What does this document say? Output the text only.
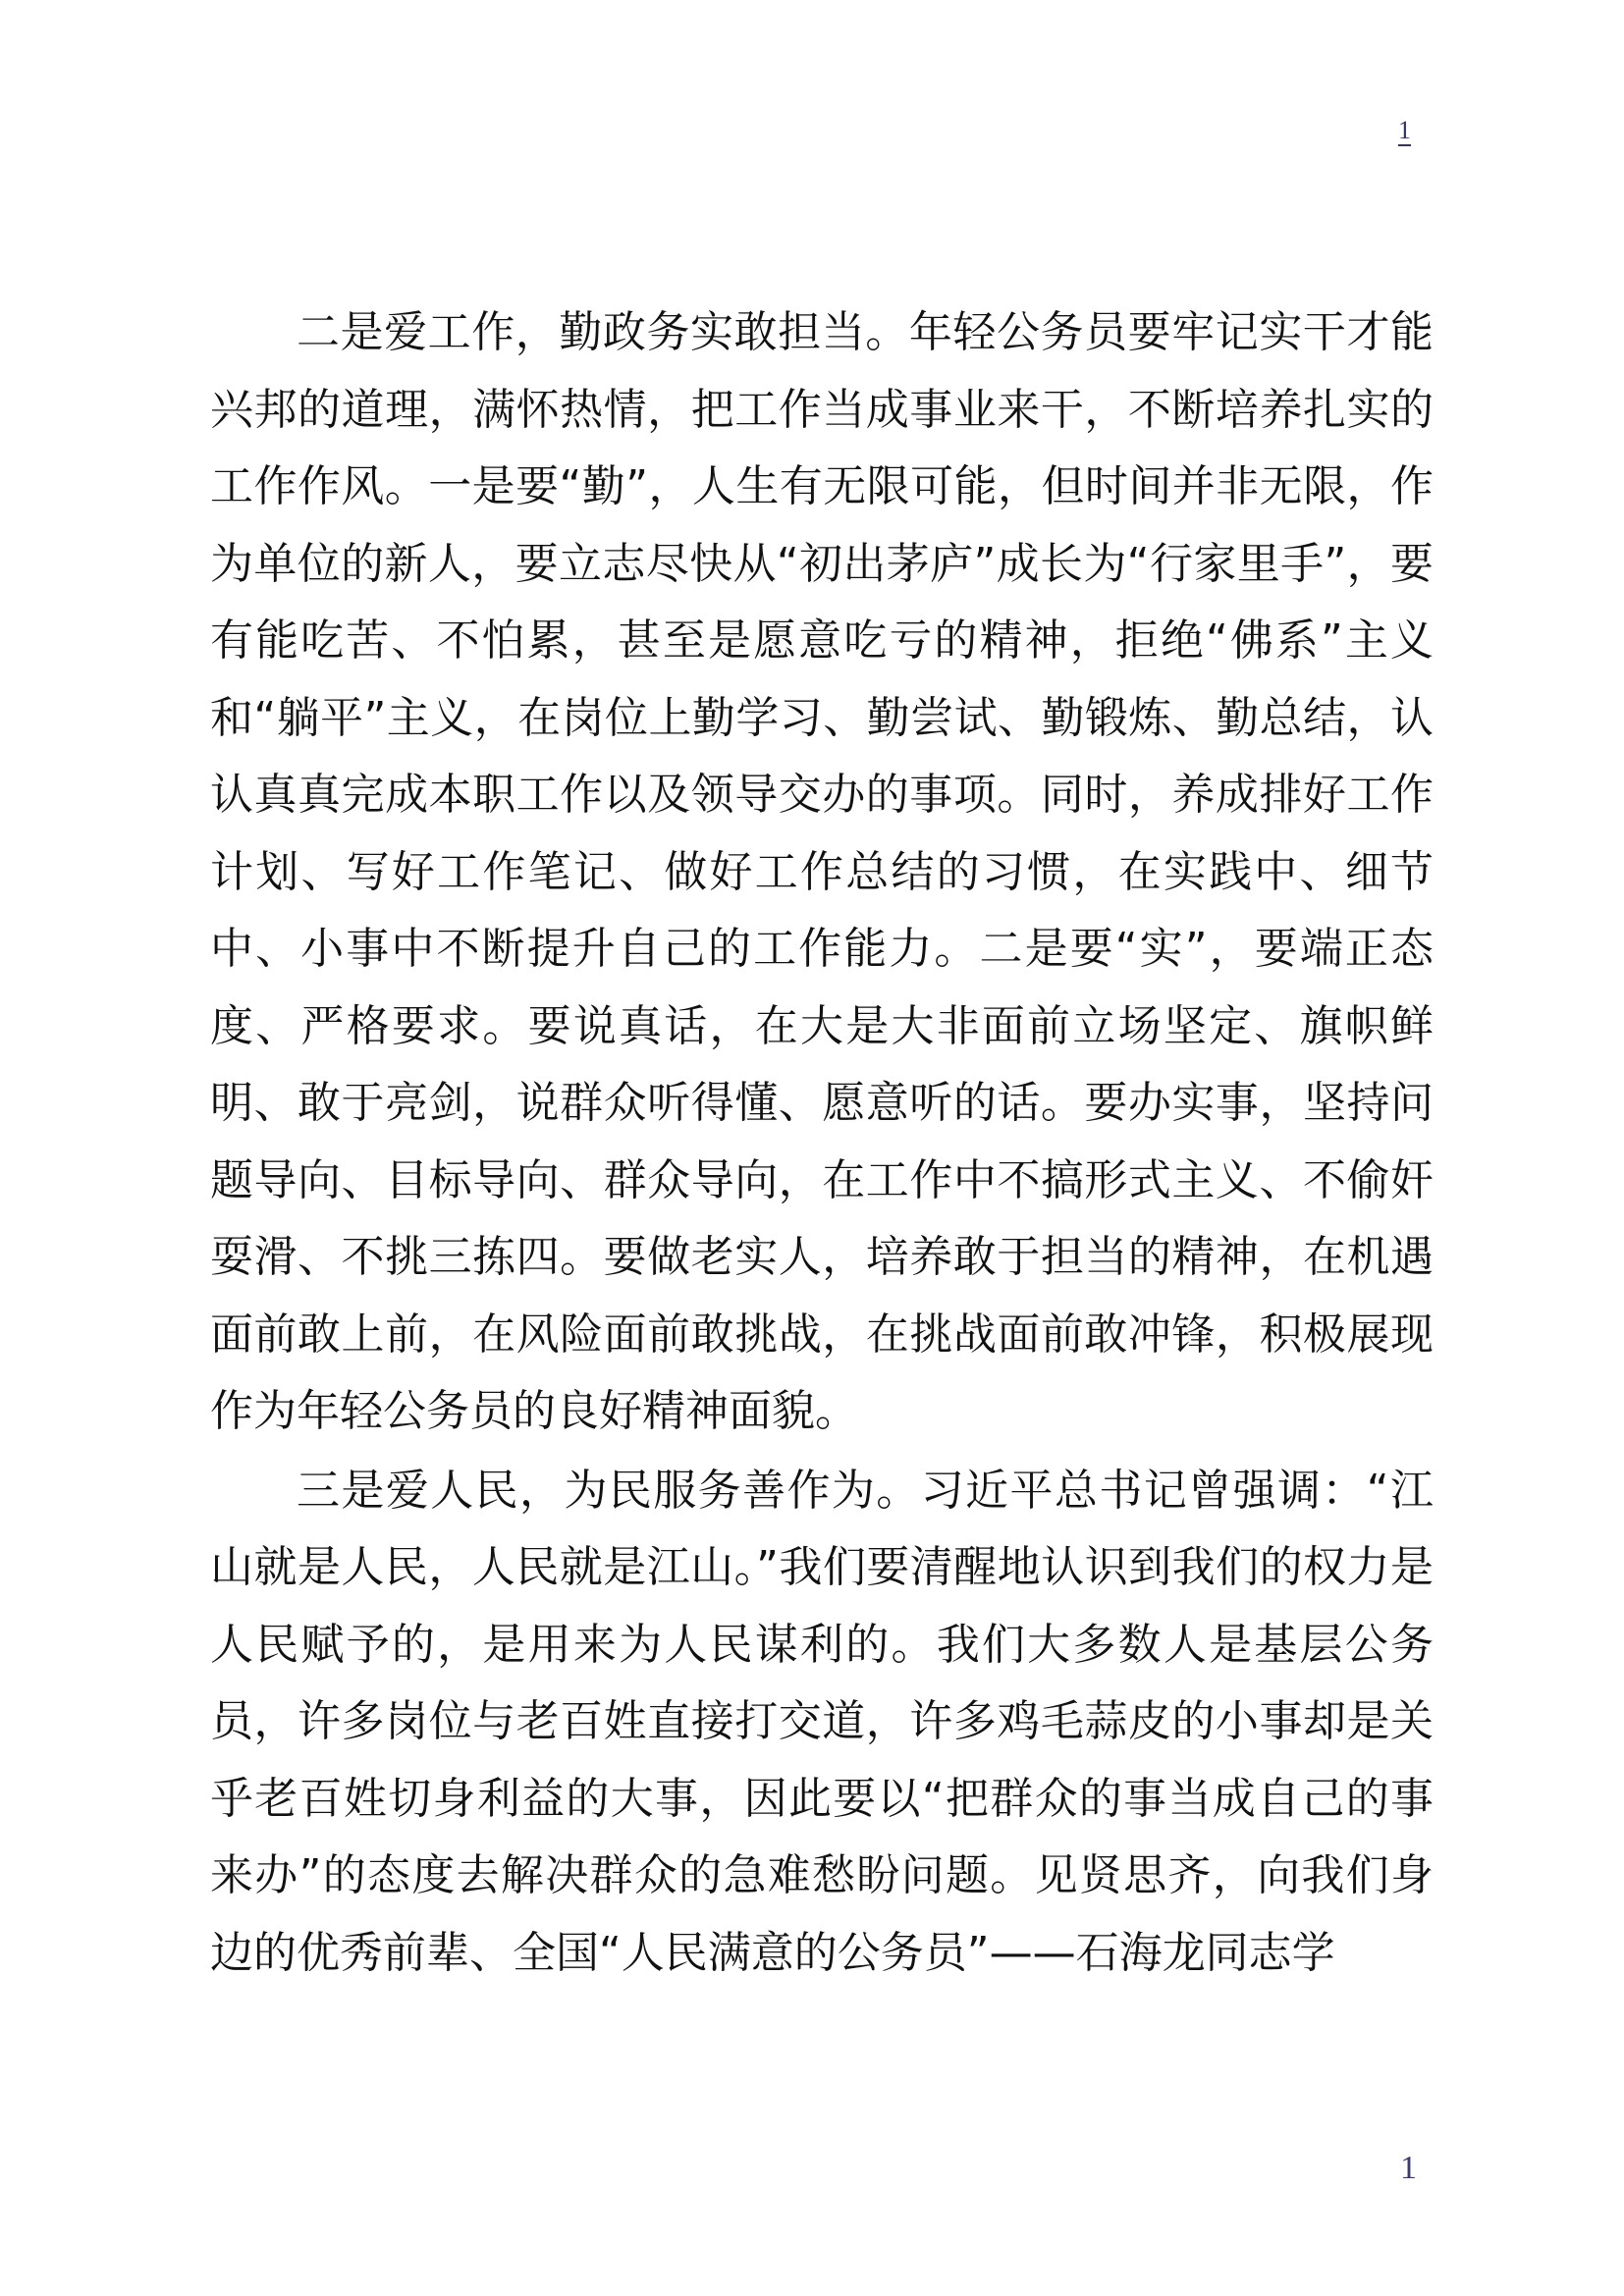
1

二是爱工作，勤政务实敢担当。年轻公务员要牢记实干才能兴邦的道理，满怀热情，把工作当成事业来干，不断培养扎实的工作作风。一是要“勤”，人生有无限可能，但时间并非无限，作为单位的新人，要立志尽快从“初出茅庐”成长为“行家里手”，要有能吃苦、不怕累，甚至是愿意吃亏的精神，拒绝“佛系”主义和“躺平”主义，在岗位上勤学习、勤尝试、勤锻炼、勤总结，认认真真完成本职工作以及领导交办的事项。同时，养成排好工作计划、写好工作笔记、做好工作总结的习惯，在实践中、细节中、小事中不断提升自己的工作能力。二是要“实”，要端正态度、严格要求。要说真话，在大是大非面前立场坚定、旗帜鲜明、敢于亮剑，说群众听得懂、愿意听的话。要办实事，坚持问题导向、目标导向、群众导向，在工作中不搞形式主义、不偷奸耍滑、不挑三拣四。要做老实人，培养敢于担当的精神，在机遇面前敢上前，在风险面前敢挑战，在挑战面前敢冲锋，积极展现作为年轻公务员的良好精神面貌。

三是爱人民，为民服务善作为。习近平总书记曾强调：“江山就是人民，人民就是江山。”我们要清醒地认识到我们的权力是人民赋予的，是用来为人民谋利的。我们大多数人是基层公务员，许多岗位与老百姓直接打交道，许多鸡毛蒜皮的小事却是关乎老百姓切身利益的大事，因此要以“把群众的事当成自己的事来办”的态度去解决群众的急难愁盼问题。见贤思齐，向我们身边的优秀前辈、全国“人民满意的公务员”——石海龙同志学

1
